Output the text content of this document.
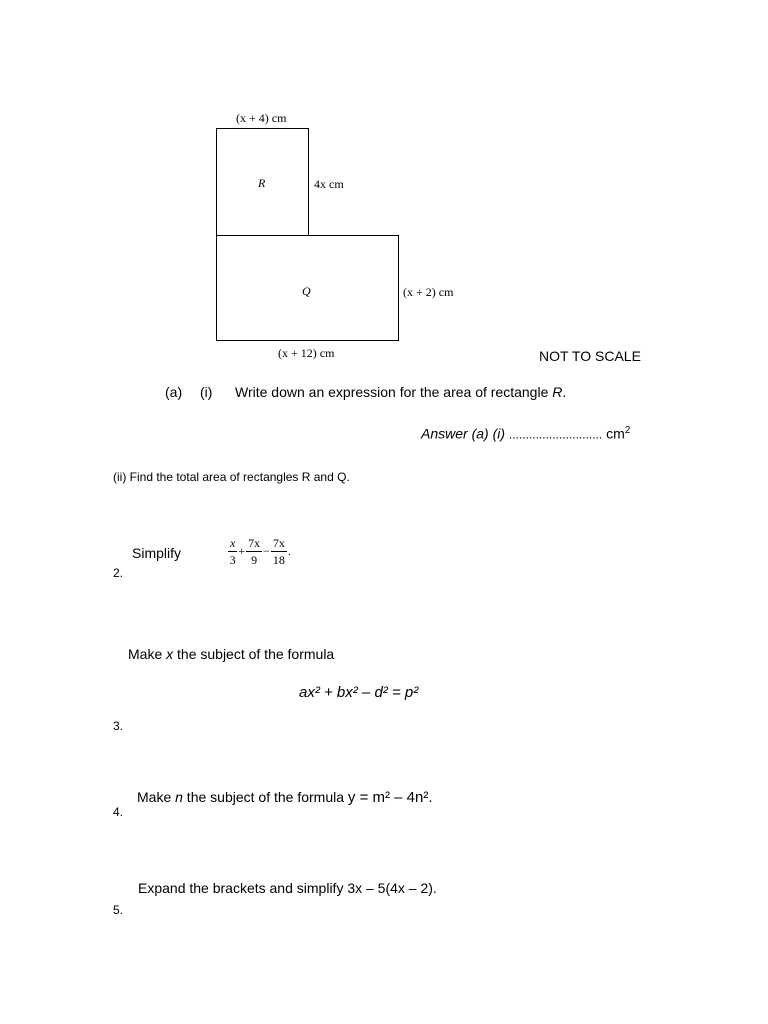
(x + 4) cm
R	4x cm
Q	(x + 2) cm
(x + 12) cm	NOT TO SCALE
(a) (i) Write down an expression for the area of rectangle R.
Answer (a) (i) ............................ $cm^2$
(ii) Find the total area of rectangles R and Q.
Simplify	$\frac{x}{3} + \frac{7x}{9} - \frac{7x}{18}$ .
2.
Make x the subject of the formula
ax² + bx² – d² = p²
3.
Make n the subject of the formula y = m² – 4n².
4.
Expand the brackets and simplify 3x – 5(4x – 2).
5.
